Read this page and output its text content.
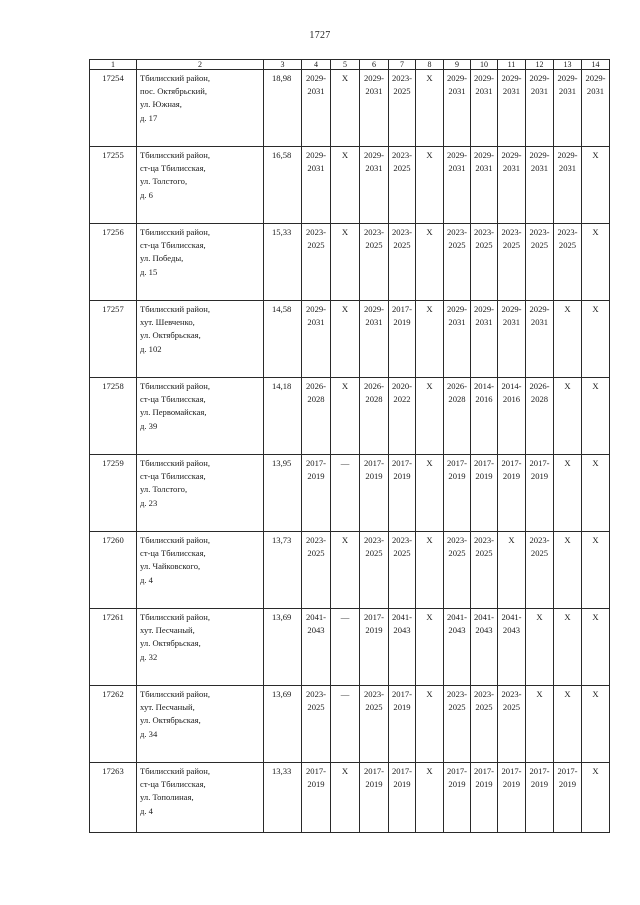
1727
1	2	3	4	5	6	7	8	9	10	11	12	13	14
17254	Тбилисский район,
пос. Октябрьский,
ул. Южная,
д. 17	18,98	2029-
2031	X	2029-
2031	2023-
2025	X	2029-
2031	2029-
2031	2029-
2031	2029-
2031	2029-
2031	2029-
2031

17255	Тбилисский район,
ст-ца Тбилисская,
ул. Толстого,
д. 6	16,58	2029-
2031	X	2029-
2031	2023-
2025	X	2029-
2031	2029-
2031	2029-
2031	2029-
2031	2029-
2031	X
17256	Тбилисский район,
ст-ца Тбилисская,
ул. Победы,
д. 15	15,33	2023-
2025	X	2023-
2025	2023-
2025	X	2023-
2025	2023-
2025	2023-
2025	2023-
2025	2023-
2025	X
17257	Тбилисский район,
хут. Шевченко,
ул. Октябрьская,
д. 102	14,58	2029-
2031	X	2029-
2031	2017-
2019	X	2029-
2031	2029-
2031	2029-
2031	2029-
2031	X	X
17258	Тбилисский район,
ст-ца Тбилисская,
ул. Первомайская,
д. 39	14,18	2026-
2028	X	2026-
2028	2020-
2022	X	2026-
2028	2014-
2016	2014-
2016	2026-
2028	X	X
17259	Тбилисский район,
ст-ца Тбилисская,
ул. Толстого,
д. 23	13,95	2017-
2019	—	2017-
2019	2017-
2019	X	2017-
2019	2017-
2019	2017-
2019	2017-
2019	X	X
17260	Тбилисский район,
ст-ца Тбилисская,
ул. Чайковского,
д. 4	13,73	2023-
2025	X	2023-
2025	2023-
2025	X	2023-
2025	2023-
2025	X	2023-
2025	X	X
17261	Тбилисский район,
хут. Песчаный,
ул. Октябрьская,
д. 32	13,69	2041-
2043	—	2017-
2019	2041-
2043	X	2041-
2043	2041-
2043	2041-
2043	X	X	X
17262	Тбилисский район,
хут. Песчаный,
ул. Октябрьская,
д. 34	13,69	2023-
2025	—	2023-
2025	2017-
2019	X	2023-
2025	2023-
2025	2023-
2025	X	X	X
17263	Тбилисский район,
ст-ца Тбилисская,
ул. Тополиная,
д. 4	13,33	2017-
2019	X	2017-
2019	2017-
2019	X	2017-
2019	2017-
2019	2017-
2019	2017-
2019	2017-
2019	X
